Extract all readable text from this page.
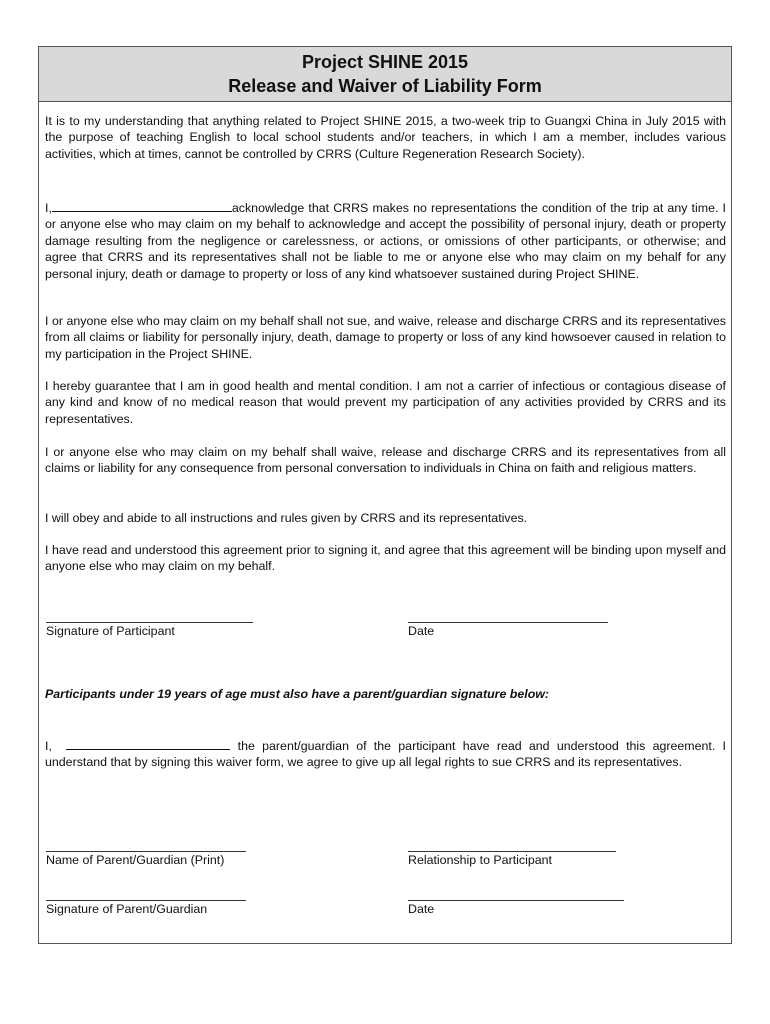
Project SHINE 2015
Release and Waiver of Liability Form

It is to my understanding that anything related to Project SHINE 2015, a two-week trip to Guangxi China in July 2015 with the purpose of teaching English to local school students and/or teachers, in which I am a member, includes various activities, which at times, cannot be controlled by CRRS (Culture Regeneration Research Society).

I,	acknowledge that CRRS makes no representations the condition of the trip at any time. I or anyone else who may claim on my behalf to acknowledge and accept the possibility of personal injury, death or property damage resulting from the negligence or carelessness, or actions, or omissions of other participants, or otherwise; and agree that CRRS and its representatives shall not be liable to me or anyone else who may claim on my behalf for any personal injury, death or damage to property or loss of any kind whatsoever sustained during Project SHINE.

I or anyone else who may claim on my behalf shall not sue, and waive, release and discharge CRRS and its representatives from all claims or liability for personally injury, death, damage to property or loss of any kind howsoever caused in relation to my participation in the Project SHINE.

I hereby guarantee that I am in good health and mental condition. I am not a carrier of infectious or contagious disease of any kind and know of no medical reason that would prevent my participation of any activities provided by CRRS and its representatives.

I or anyone else who may claim on my behalf shall waive, release and discharge CRRS and its representatives from all claims or liability for any consequence from personal conversation to individuals in China on faith and religious matters.

I will obey and abide to all instructions and rules given by CRRS and its representatives.

I have read and understood this agreement prior to signing it, and agree that this agreement will be binding upon myself and anyone else who may claim on my behalf.

Signature of Participant	Date
Participants under 19 years of age must also have a parent/guardian signature below:

I,	the parent/guardian of the participant have read and understood this agreement. I understand that by signing this waiver form, we agree to give up all legal rights to sue CRRS and its representatives.

Name of Parent/Guardian (Print)	Relationship to Participant
Signature of Parent/Guardian	Date
